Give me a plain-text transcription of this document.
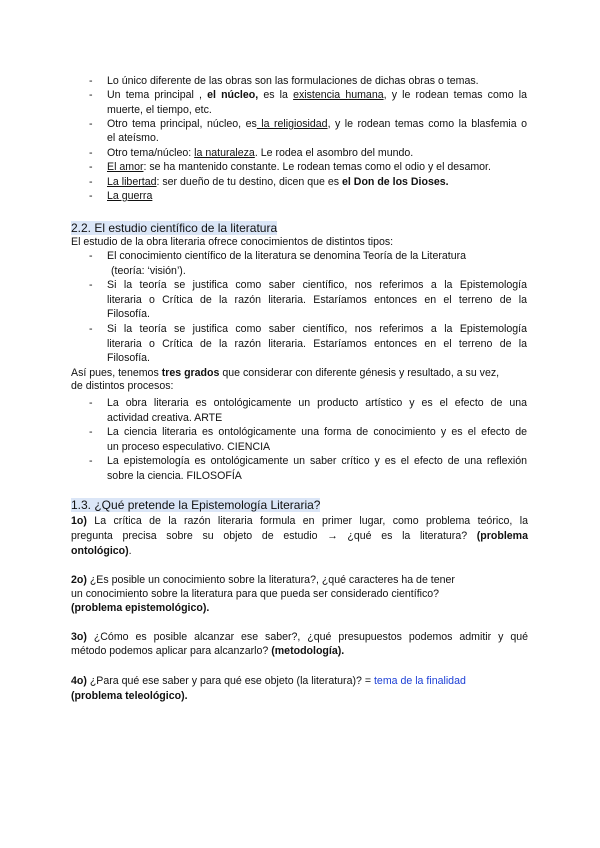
- Lo único diferente de las obras son las formulaciones de dichas obras o temas.
- Un tema principal , el núcleo, es la existencia humana, y le rodean temas como la
muerte, el tiempo, etc.
- Otro tema principal, núcleo, es la religiosidad, y le rodean temas como la blasfemia o
el ateísmo.
- Otro tema/núcleo: la naturaleza. Le rodea el asombro del mundo.
- El amor: se ha mantenido constante. Le rodean temas como el odio y el desamor.
- La libertad: ser dueño de tu destino, dicen que es el Don de los Dioses.
- La guerra
2.2. El estudio científico de la literatura
El estudio de la obra literaria ofrece conocimientos de distintos tipos:
- El conocimiento científico de la literatura se denomina Teoría de la Literatura
(teoría: ‘visión’).
- Si la teoría se justifica como saber científico, nos referimos a la Epistemología
literaria o Crítica de la razón literaria. Estaríamos entonces en el terreno de la
Filosofía.
- Si la teoría se justifica como saber científico, nos referimos a la Epistemología
literaria o Crítica de la razón literaria. Estaríamos entonces en el terreno de la
Filosofía.
Así pues, tenemos tres grados que considerar con diferente génesis y resultado, a su vez,
de distintos procesos:
- La obra literaria es ontológicamente un producto artístico y es el efecto de una
actividad creativa. ARTE
- La ciencia literaria es ontológicamente una forma de conocimiento y es el efecto de
un proceso especulativo. CIENCIA
- La epistemología es ontológicamente un saber crítico y es el efecto de una reflexión
sobre la ciencia. FILOSOFÍA
1.3. ¿Qué pretende la Epistemología Literaria?
1o) La crítica de la razón literaria formula en primer lugar, como problema teórico, la
pregunta precisa sobre su objeto de estudio → ¿qué es la literatura? (problema
ontológico).
2o) ¿Es posible un conocimiento sobre la literatura?, ¿qué caracteres ha de tener
un conocimiento sobre la literatura para que pueda ser considerado científico?
(problema epistemológico).
3o) ¿Cómo es posible alcanzar ese saber?, ¿qué presupuestos podemos admitir y qué
método podemos aplicar para alcanzarlo? (metodología).
4o) ¿Para qué ese saber y para qué ese objeto (la literatura)? = tema de la finalidad
(problema teleológico).
